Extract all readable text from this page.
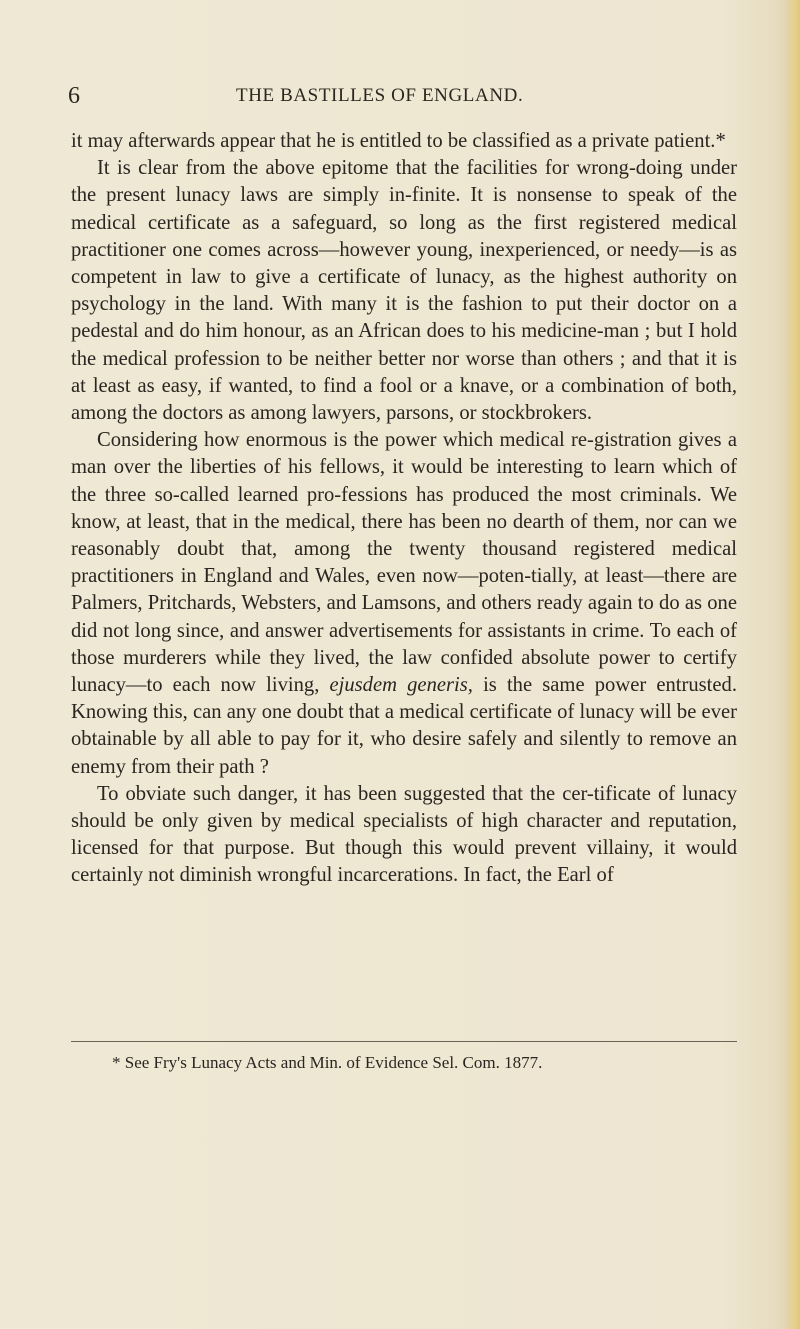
6	THE BASTILLES OF ENGLAND.

it may afterwards appear that he is entitled to be classified as a private patient.*

It is clear from the above epitome that the facilities for wrong-doing under the present lunacy laws are simply in-finite. It is nonsense to speak of the medical certificate as a safeguard, so long as the first registered medical practitioner one comes across—however young, inexperienced, or needy—is as competent in law to give a certificate of lunacy, as the highest authority on psychology in the land. With many it is the fashion to put their doctor on a pedestal and do him honour, as an African does to his medicine-man ; but I hold the medical profession to be neither better nor worse than others ; and that it is at least as easy, if wanted, to find a fool or a knave, or a combination of both, among the doctors as among lawyers, parsons, or stockbrokers.

Considering how enormous is the power which medical re-gistration gives a man over the liberties of his fellows, it would be interesting to learn which of the three so-called learned pro-fessions has produced the most criminals. We know, at least, that in the medical, there has been no dearth of them, nor can we reasonably doubt that, among the twenty thousand registered medical practitioners in England and Wales, even now—poten-tially, at least—there are Palmers, Pritchards, Websters, and Lamsons, and others ready again to do as one did not long since, and answer advertisements for assistants in crime. To each of those murderers while they lived, the law confided absolute power to certify lunacy—to each now living, ejusdem generis, is the same power entrusted. Knowing this, can any one doubt that a medical certificate of lunacy will be ever obtainable by all able to pay for it, who desire safely and silently to remove an enemy from their path ?

To obviate such danger, it has been suggested that the cer-tificate of lunacy should be only given by medical specialists of high character and reputation, licensed for that purpose. But though this would prevent villainy, it would certainly not diminish wrongful incarcerations. In fact, the Earl of

* See Fry's Lunacy Acts and Min. of Evidence Sel. Com. 1877.
